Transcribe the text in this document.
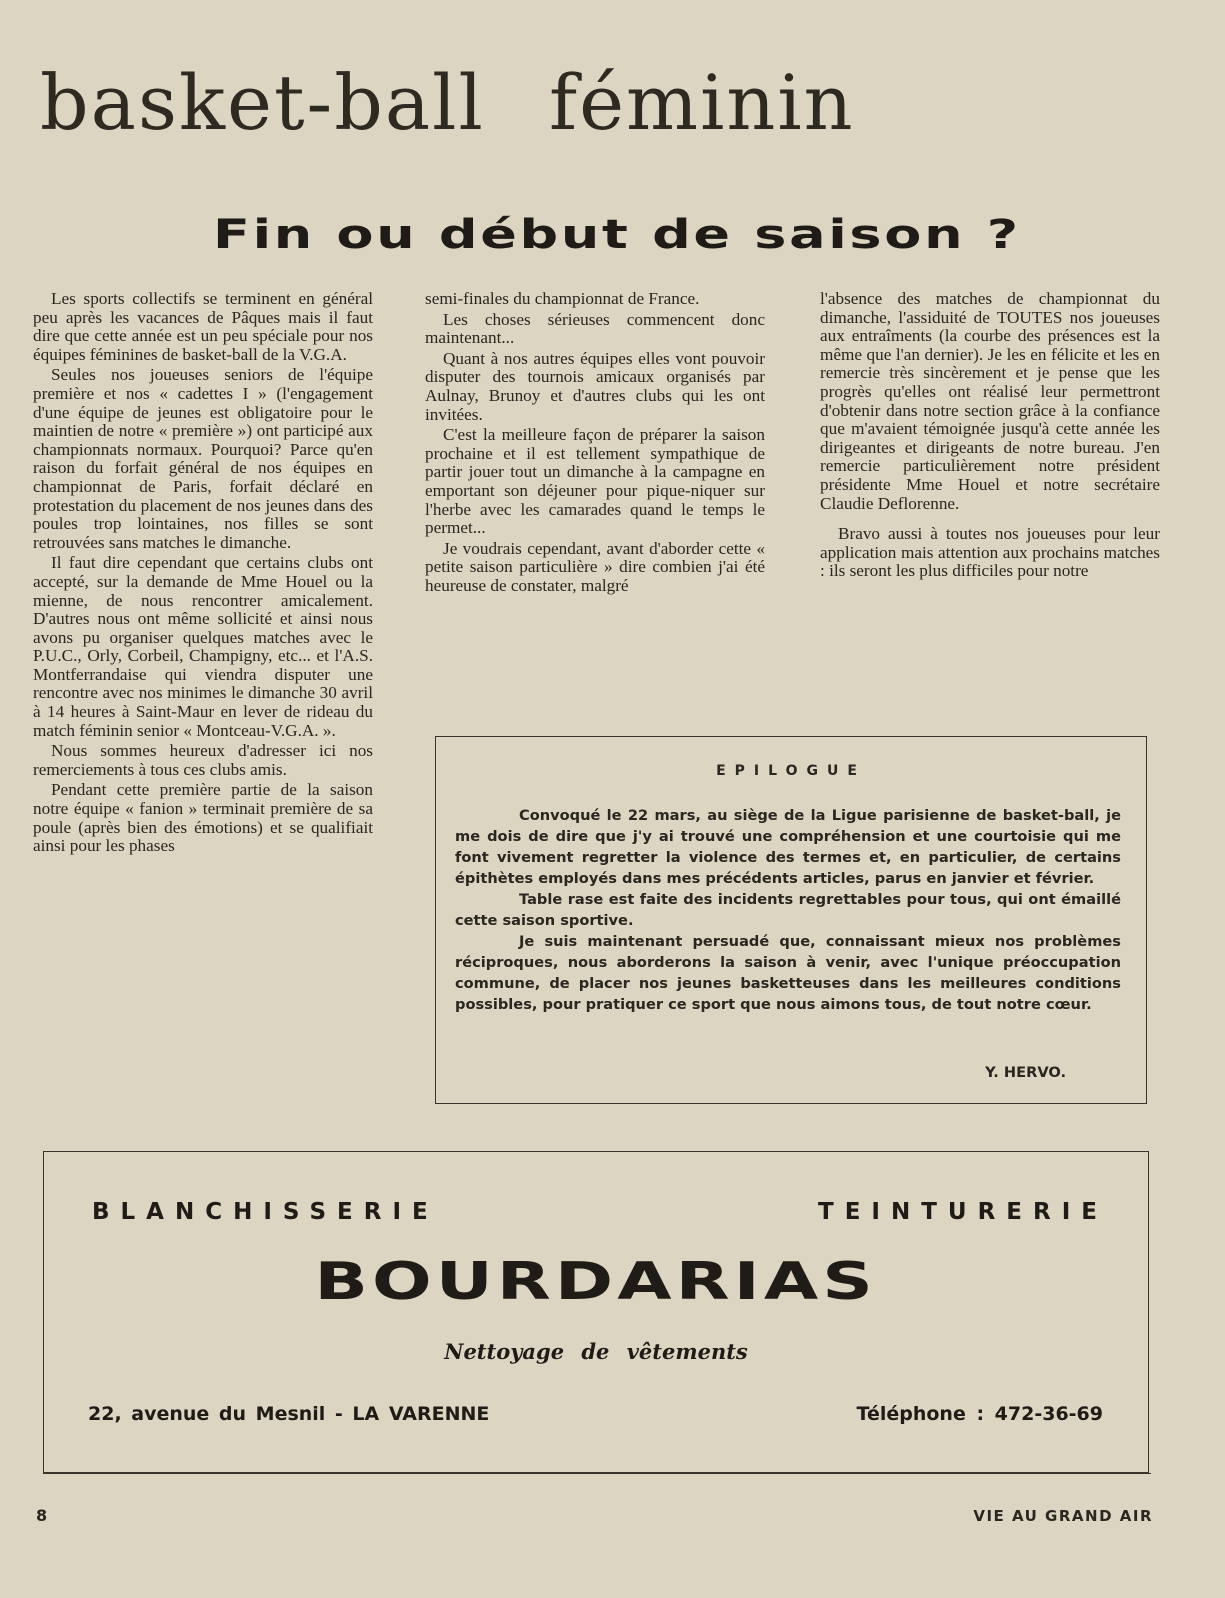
basket-ball féminin
Fin ou début de saison ?

Les sports collectifs se terminent en général peu après les vacances de Pâques mais il faut dire que cette année est un peu spéciale pour nos équipes féminines de basket-ball de la V.G.A.

Seules nos joueuses seniors de l'équipe première et nos « cadettes I » (l'engagement d'une équipe de jeunes est obligatoire pour le maintien de notre « première ») ont participé aux championnats normaux. Pourquoi? Parce qu'en raison du forfait général de nos équipes en championnat de Paris, forfait déclaré en protestation du placement de nos jeunes dans des poules trop lointaines, nos filles se sont retrouvées sans matches le dimanche.

Il faut dire cependant que certains clubs ont accepté, sur la demande de Mme Houel ou la mienne, de nous rencontrer amicalement. D'autres nous ont même sollicité et ainsi nous avons pu organiser quelques matches avec le P.U.C., Orly, Corbeil, Champigny, etc... et l'A.S. Montferrandaise qui viendra disputer une rencontre avec nos minimes le dimanche 30 avril à 14 heures à Saint-Maur en lever de rideau du match féminin senior « Montceau-V.G.A. ».

Nous sommes heureux d'adresser ici nos remerciements à tous ces clubs amis.

Pendant cette première partie de la saison notre équipe « fanion » terminait première de sa poule (après bien des émotions) et se qualifiait ainsi pour les phases

semi-finales du championnat de France.

Les choses sérieuses commencent donc maintenant...

Quant à nos autres équipes elles vont pouvoir disputer des tournois amicaux organisés par Aulnay, Brunoy et d'autres clubs qui les ont invitées.

C'est la meilleure façon de préparer la saison prochaine et il est tellement sympathique de partir jouer tout un dimanche à la campagne en emportant son déjeuner pour pique-niquer sur l'herbe avec les camarades quand le temps le permet...

Je voudrais cependant, avant d'aborder cette « petite saison particulière » dire combien j'ai été heureuse de constater, malgré

l'absence des matches de championnat du dimanche, l'assiduité de TOUTES nos joueuses aux entraîments (la courbe des présences est la même que l'an dernier). Je les en félicite et les en remercie très sincèrement et je pense que les progrès qu'elles ont réalisé leur permettront d'obtenir dans notre section grâce à la confiance que m'avaient témoignée jusqu'à cette année les dirigeantes et dirigeants de notre bureau. J'en remercie particulièrement notre président présidente Mme Houel et notre secrétaire Claudie Deflorenne.

Bravo aussi à toutes nos joueuses pour leur application mais attention aux prochains matches : ils seront les plus difficiles pour notre

EPILOGUE

Convoqué le 22 mars, au siège de la Ligue parisienne de basket-ball, je me dois de dire que j'y ai trouvé une compréhension et une courtoisie qui me font vivement regretter la violence des termes et, en particulier, de certains épithètes employés dans mes précédents articles, parus en janvier et février.

Table rase est faite des incidents regrettables pour tous, qui ont émaillé cette saison sportive.

Je suis maintenant persuadé que, connaissant mieux nos problèmes réciproques, nous aborderons la saison à venir, avec l'unique préoccupation commune, de placer nos jeunes basketteuses dans les meilleures conditions possibles, pour pratiquer ce sport que nous aimons tous, de tout notre cœur.

Y. HERVO.
BLANCHISSERIE	TEINTURERIE
BOURDARIAS
Nettoyage de vêtements
22, avenue du Mesnil - LA VARENNE	Téléphone : 472-36-69
8	VIE AU GRAND AIR
